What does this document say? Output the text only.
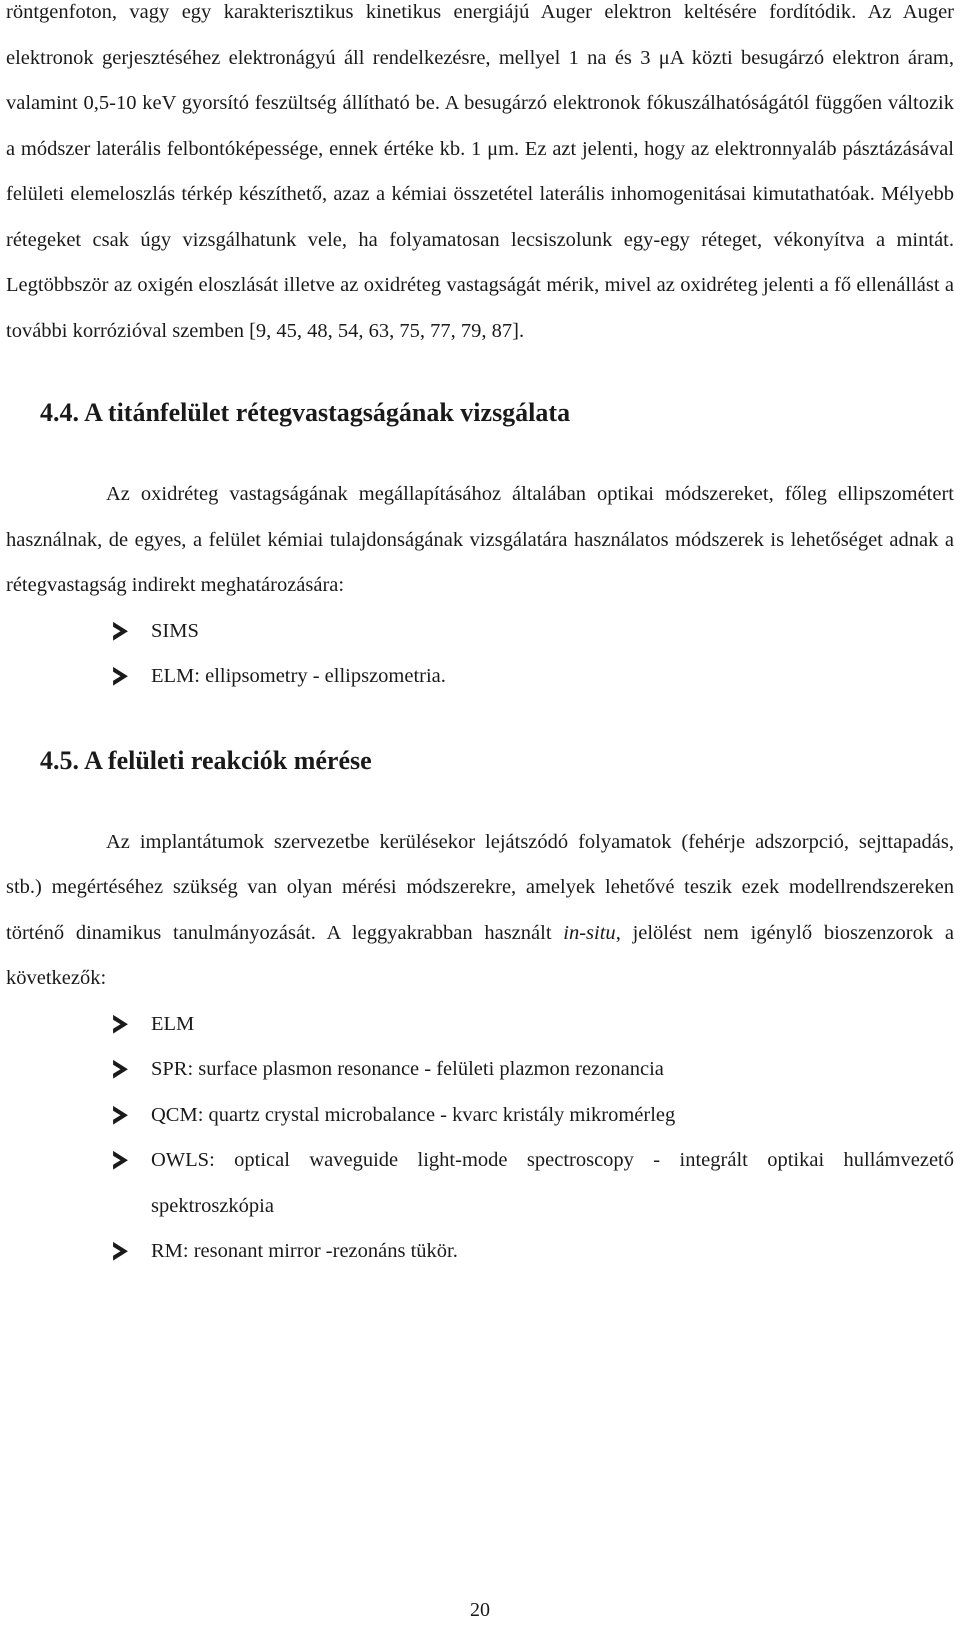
röntgenfoton, vagy egy karakterisztikus kinetikus energiájú Auger elektron keltésére fordítódik. Az Auger elektronok gerjesztéséhez elektronágyú áll rendelkezésre, mellyel 1 na és 3 μA közti besugárzó elektron áram, valamint 0,5-10 keV gyorsító feszültség állítható be. A besugárzó elektronok fókuszálhatóságától függően változik a módszer laterális felbontóképessége, ennek értéke kb. 1 μm. Ez azt jelenti, hogy az elektronnyaláb pásztázásával felületi elemeloszlás térkép készíthető, azaz a kémiai összetétel laterális inhomogenitásai kimutathatóak. Mélyebb rétegeket csak úgy vizsgálhatunk vele, ha folyamatosan lecsiszolunk egy-egy réteget, vékonyítva a mintát. Legtöbbször az oxigén eloszlását illetve az oxidréteg vastagságát mérik, mivel az oxidréteg jelenti a fő ellenállást a további korrózióval szemben [9, 45, 48, 54, 63, 75, 77, 79, 87].

4.4. A titánfelület rétegvastagságának vizsgálata

Az oxidréteg vastagságának megállapításához általában optikai módszereket, főleg ellipszométert használnak, de egyes, a felület kémiai tulajdonságának vizsgálatára használatos módszerek is lehetőséget adnak a rétegvastagság indirekt meghatározására:

SIMS
ELM: ellipsometry - ellipszometria.
4.5. A felületi reakciók mérése

Az implantátumok szervezetbe kerülésekor lejátszódó folyamatok (fehérje adszorpció, sejttapadás, stb.) megértéséhez szükség van olyan mérési módszerekre, amelyek lehetővé teszik ezek modellrendszereken történő dinamikus tanulmányozását. A leggyakrabban használt in-situ, jelölést nem igénylő bioszenzorok a következők:

ELM
SPR: surface plasmon resonance - felületi plazmon rezonancia
QCM: quartz crystal microbalance - kvarc kristály mikromérleg
OWLS: optical waveguide light-mode spectroscopy - integrált optikai hullámvezető spektroszkópia
RM: resonant mirror -rezonáns tükör.
20
